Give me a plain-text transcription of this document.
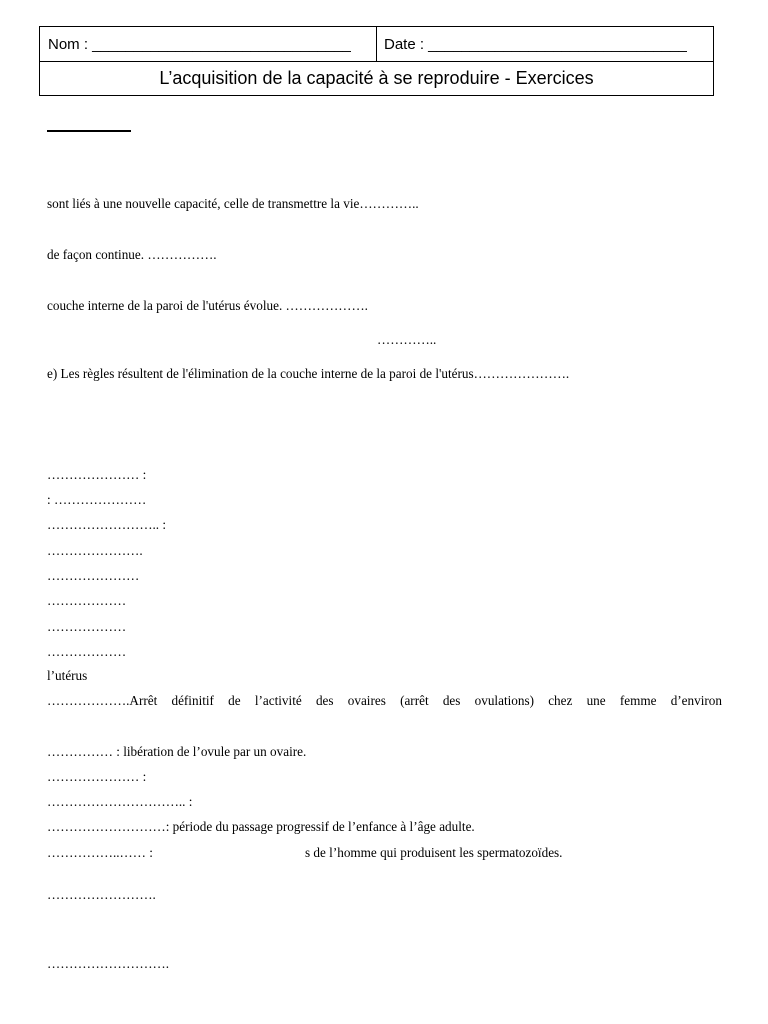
Nom : _______________________________ Date : _______________________________
L’acquisition de la capacité à se reproduire - Exercices
sont liés à une nouvelle capacité, celle de transmettre la vie…………..
de façon continue. …………….
couche interne de la paroi de l'utérus évolue. ……………….
…………..
e) Les règles résultent de l'élimination de la couche interne de la paroi de l'utérus………………….
………………… :
: …………………
…………………….. :
………………….
…………………
………………
………………
………………
l’utérus
……………….Arrêt définitif de l’activité des ovaires (arrêt des ovulations) chez une femme d’environ
…………… : libération de l’ovule par un ovaire.
………………… :
………………………….. :
………………………: période du passage progressif de l’enfance à l’âge adulte.
……………..…… :	s de l’homme qui produisent les spermatozoïdes.
…………………….
……………………….
